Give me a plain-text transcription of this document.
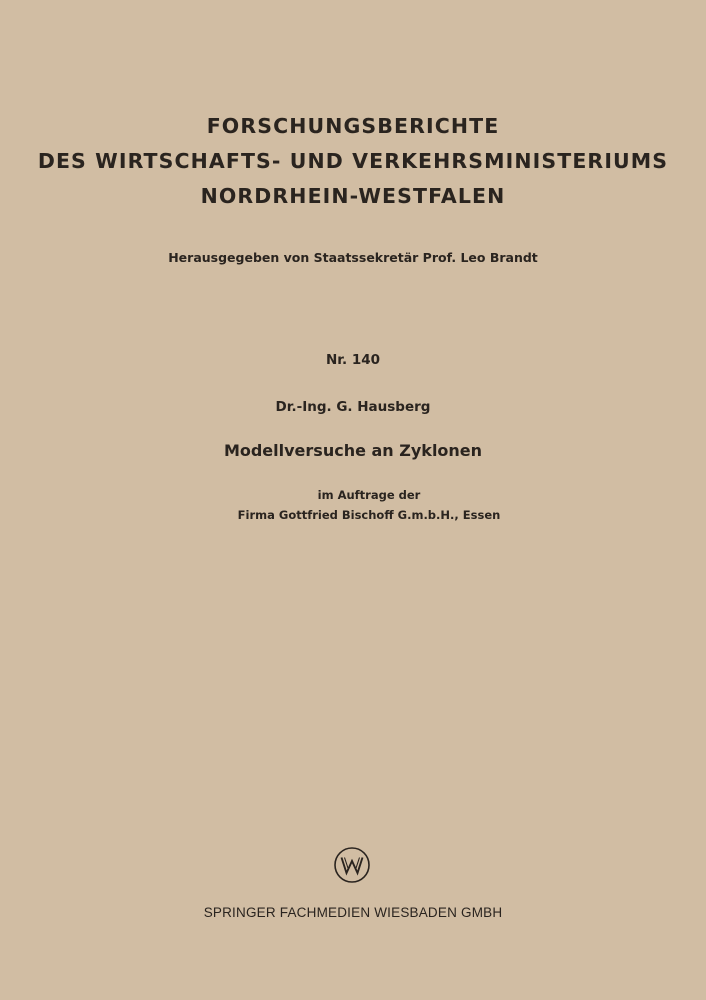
FORSCHUNGSBERICHTE
DES WIRTSCHAFTS- UND VERKEHRSMINISTERIUMS
NORDRHEIN-WESTFALEN
Herausgegeben von Staatssekretär Prof. Leo Brandt
Nr. 140
Dr.-Ing. G. Hausberg
Modellversuche an Zyklonen
im Auftrage der
Firma Gottfried Bischoff G.m.b.H., Essen
SPRINGER FACHMEDIEN WIESBADEN GMBH
